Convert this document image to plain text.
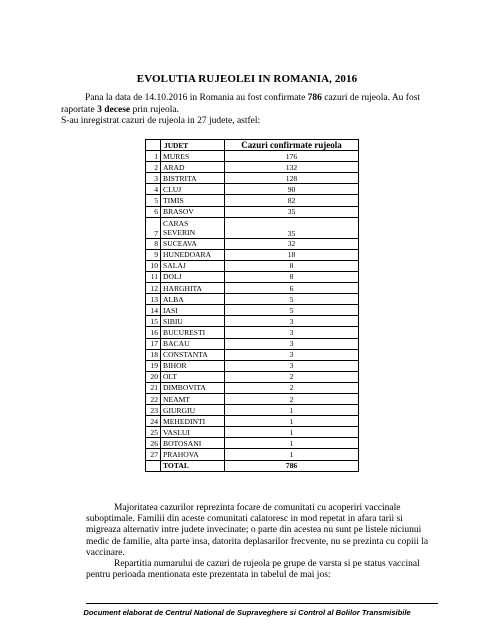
EVOLUTIA RUJEOLEI IN ROMANIA, 2016

Pana la data de 14.10.2016 in Romania au fost confirmate 786 cazuri de rujeola. Au fost raportate 3 decese prin rujeola.

S-au inregistrat cazuri de rujeola in 27 judete, astfel:

	JUDET	Cazuri confirmate rujeola
1	MURES	176
2	ARAD	132
3	BISTRITA	128
4	CLUJ	90
5	TIMIS	82
6	BRASOV	35
7	CARAS SEVERIN	35
8	SUCEAVA	32
9	HUNEDOARA	18
10	SALAJ	8
11	DOLJ	8
12	HARGHITA	6
13	ALBA	5
14	IASI	5
15	SIBIU	3
16	BUCURESTI	3
17	BACAU	3
18	CONSTANTA	3
19	BIHOR	3
20	OLT	2
21	DIMBOVITA	2
22	NEAMT	2
23	GIURGIU	1
24	MEHEDINTI	1
25	VASLUI	1
26	BOTOSANI	1
27	PRAHOVA	1
	TOTAL	786

Majoritatea cazurilor reprezinta focare de comunitati cu acoperiri vaccinale suboptimale. Familii din aceste comunitati calatoresc in mod repetat in afara tarii si migreaza alternativ intre judete invecinate; o parte din acestea nu sunt pe listele niciunui medic de familie, alta parte insa, datorita deplasarilor frecvente, nu se prezinta cu copiii la vaccinare.

Repartitia numarului de cazuri de rujeola pe grupe de varsta si pe status vaccinal pentru perioada mentionata este prezentata in tabelul de mai jos:

Document elaborat de Centrul National de Supraveghere si Control al Bolilor Transmisibile
